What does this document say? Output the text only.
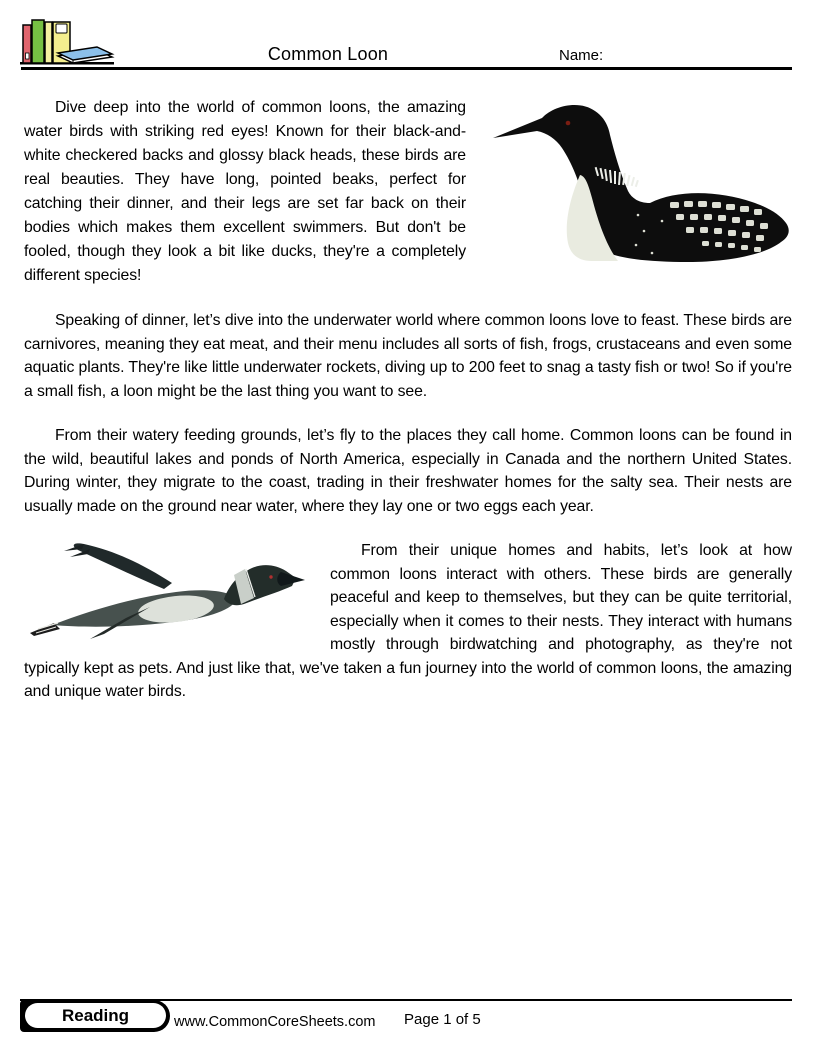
Common Loon	Name:
Dive deep into the world of common loons, the amazing water birds with striking red eyes! Known for their black-and-white checkered backs and glossy black heads, these birds are real beauties. They have long, pointed beaks, perfect for catching their dinner, and their legs are set far back on their bodies which makes them excellent swimmers. But don't be fooled, though they look a bit like ducks, they're a completely different species!
Speaking of dinner, let’s dive into the underwater world where common loons love to feast. These birds are carnivores, meaning they eat meat, and their menu includes all sorts of fish, frogs, crustaceans and even some aquatic plants. They're like little underwater rockets, diving up to 200 feet to snag a tasty fish or two! So if you're a small fish, a loon might be the last thing you want to see.
From their watery feeding grounds, let’s fly to the places they call home. Common loons can be found in the wild, beautiful lakes and ponds of North America, especially in Canada and the northern United States. During winter, they migrate to the coast, trading in their freshwater homes for the salty sea. Their nests are usually made on the ground near water, where they lay one or two eggs each year.
From their unique homes and habits, let’s look at how common loons interact with others. These birds are generally peaceful and keep to themselves, but they can be quite territorial, especially when it comes to their nests. They interact with humans mostly through birdwatching and photography, as they're not typically kept as pets. And just like that, we've taken a fun journey into the world of common loons, the amazing and unique water birds.
Reading	www.CommonCoreSheets.com Page 1 of 5
